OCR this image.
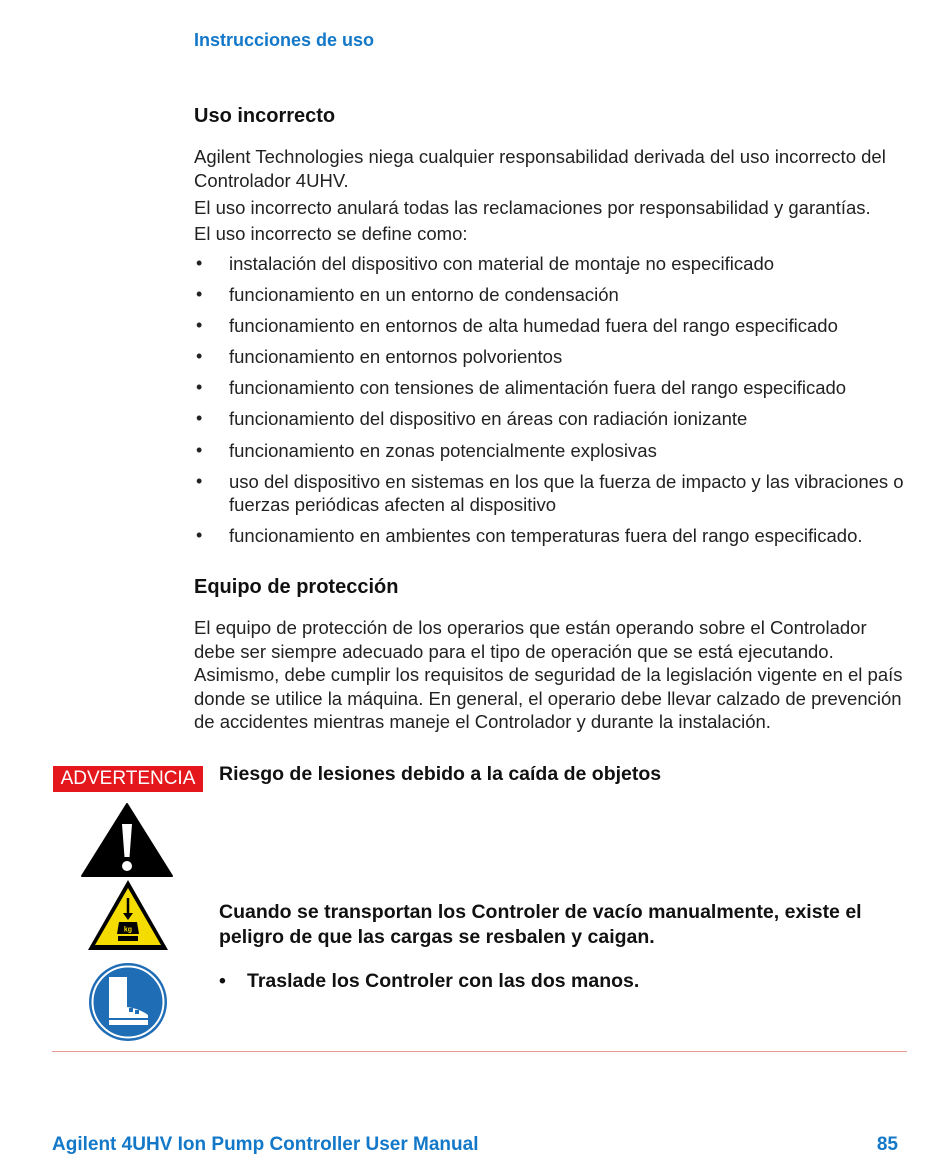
Instrucciones de uso
Uso incorrecto
Agilent Technologies niega cualquier responsabilidad derivada del uso incorrecto del Controlador 4UHV.
El uso incorrecto anulará todas las reclamaciones por responsabilidad y garantías.
El uso incorrecto se define como:
• instalación del dispositivo con material de montaje no especificado
• funcionamiento en un entorno de condensación
• funcionamiento en entornos de alta humedad fuera del rango especificado
• funcionamiento en entornos polvorientos
• funcionamiento con tensiones de alimentación fuera del rango especificado
• funcionamiento del dispositivo en áreas con radiación ionizante
• funcionamiento en zonas potencialmente explosivas
• uso del dispositivo en sistemas en los que la fuerza de impacto y las vibraciones o fuerzas periódicas afecten al dispositivo
• funcionamiento en ambientes con temperaturas fuera del rango especificado.
Equipo de protección
El equipo de protección de los operarios que están operando sobre el Controlador debe ser siempre adecuado para el tipo de operación que se está ejecutando. Asimismo, debe cumplir los requisitos de seguridad de la legislación vigente en el país donde se utilice la máquina. En general, el operario debe llevar calzado de prevención de accidentes mientras maneje el Controlador y durante la instalación.
ADVERTENCIA	Riesgo de lesiones debido a la caída de objetos
kg
Cuando se transportan los Controler de vacío manualmente, existe el peligro de que las cargas se resbalen y caigan.
• Traslade los Controler con las dos manos.
Agilent 4UHV Ion Pump Controller User Manual	85
